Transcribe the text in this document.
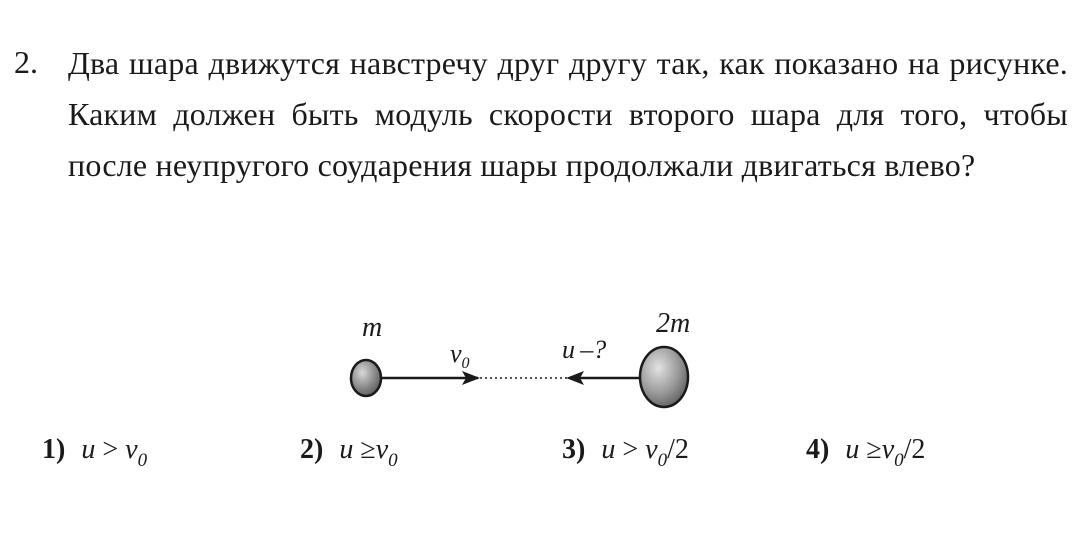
2. Два шара движутся навстречу друг другу так, как показано на рисунке. Каким должен быть модуль скорости второго шара для того, чтобы после неупругого соударения шары продолжали двигаться влево?
m
$v_0$	u –?
2m
1) $u > v_0$	2) $u \ge v_0$	3) $u > v_0/2$	4) $u \ge v_0/2$
